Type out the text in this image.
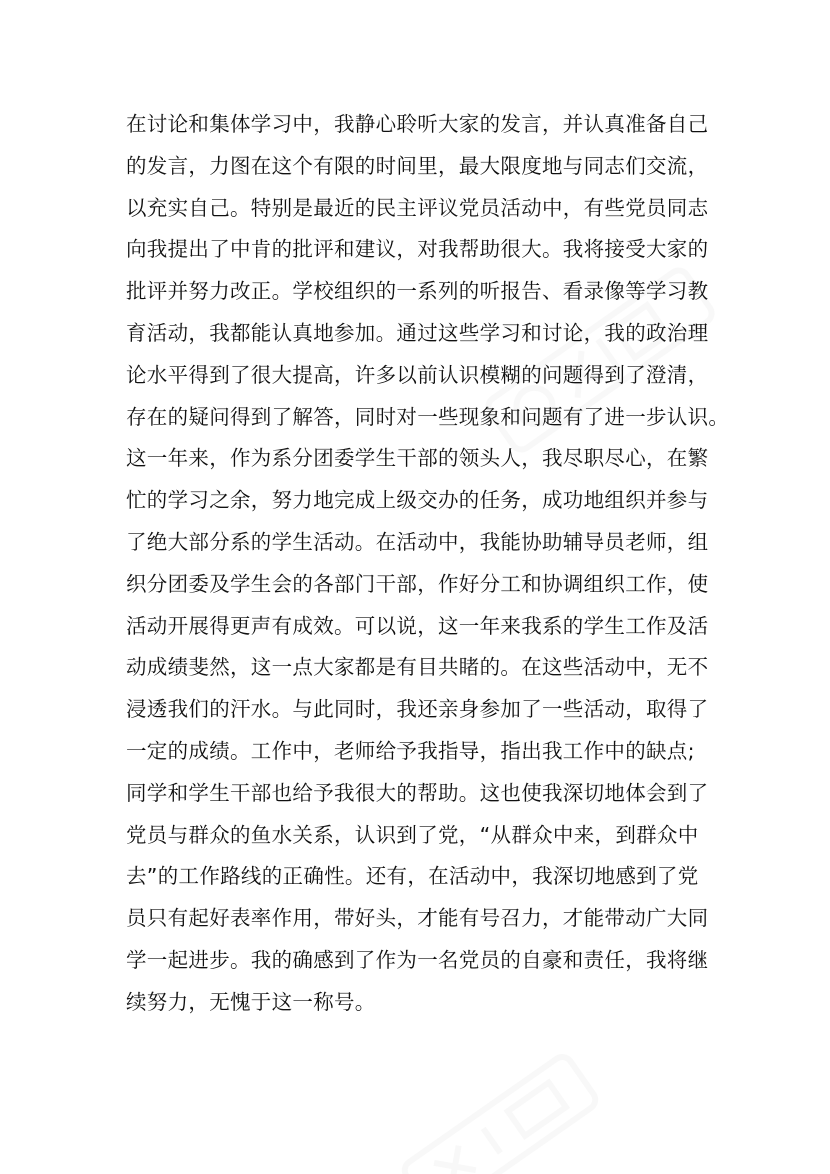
在讨论和集体学习中，我静心聆听大家的发言，并认真准备自己
的发言，力图在这个有限的时间里，最大限度地与同志们交流，
以充实自己。特别是最近的民主评议党员活动中，有些党员同志
向我提出了中肯的批评和建议，对我帮助很大。我将接受大家的
批评并努力改正。学校组织的一系列的听报告、看录像等学习教
育活动，我都能认真地参加。通过这些学习和讨论，我的政治理
论水平得到了很大提高，许多以前认识模糊的问题得到了澄清，
存在的疑问得到了解答，同时对一些现象和问题有了进一步认识。
这一年来，作为系分团委学生干部的领头人，我尽职尽心，在繁
忙的学习之余，努力地完成上级交办的任务，成功地组织并参与
了绝大部分系的学生活动。在活动中，我能协助辅导员老师，组
织分团委及学生会的各部门干部，作好分工和协调组织工作，使
活动开展得更声有成效。可以说，这一年来我系的学生工作及活
动成绩斐然，这一点大家都是有目共睹的。在这些活动中，无不
浸透我们的汗水。与此同时，我还亲身参加了一些活动，取得了
一定的成绩。工作中，老师给予我指导，指出我工作中的缺点;
同学和学生干部也给予我很大的帮助。这也使我深切地体会到了
党员与群众的鱼水关系，认识到了党，“从群众中来，到群众中
去”的工作路线的正确性。还有，在活动中，我深切地感到了党
员只有起好表率作用，带好头，才能有号召力，才能带动广大同
学一起进步。我的确感到了作为一名党员的自豪和责任，我将继
续努力，无愧于这一称号。
